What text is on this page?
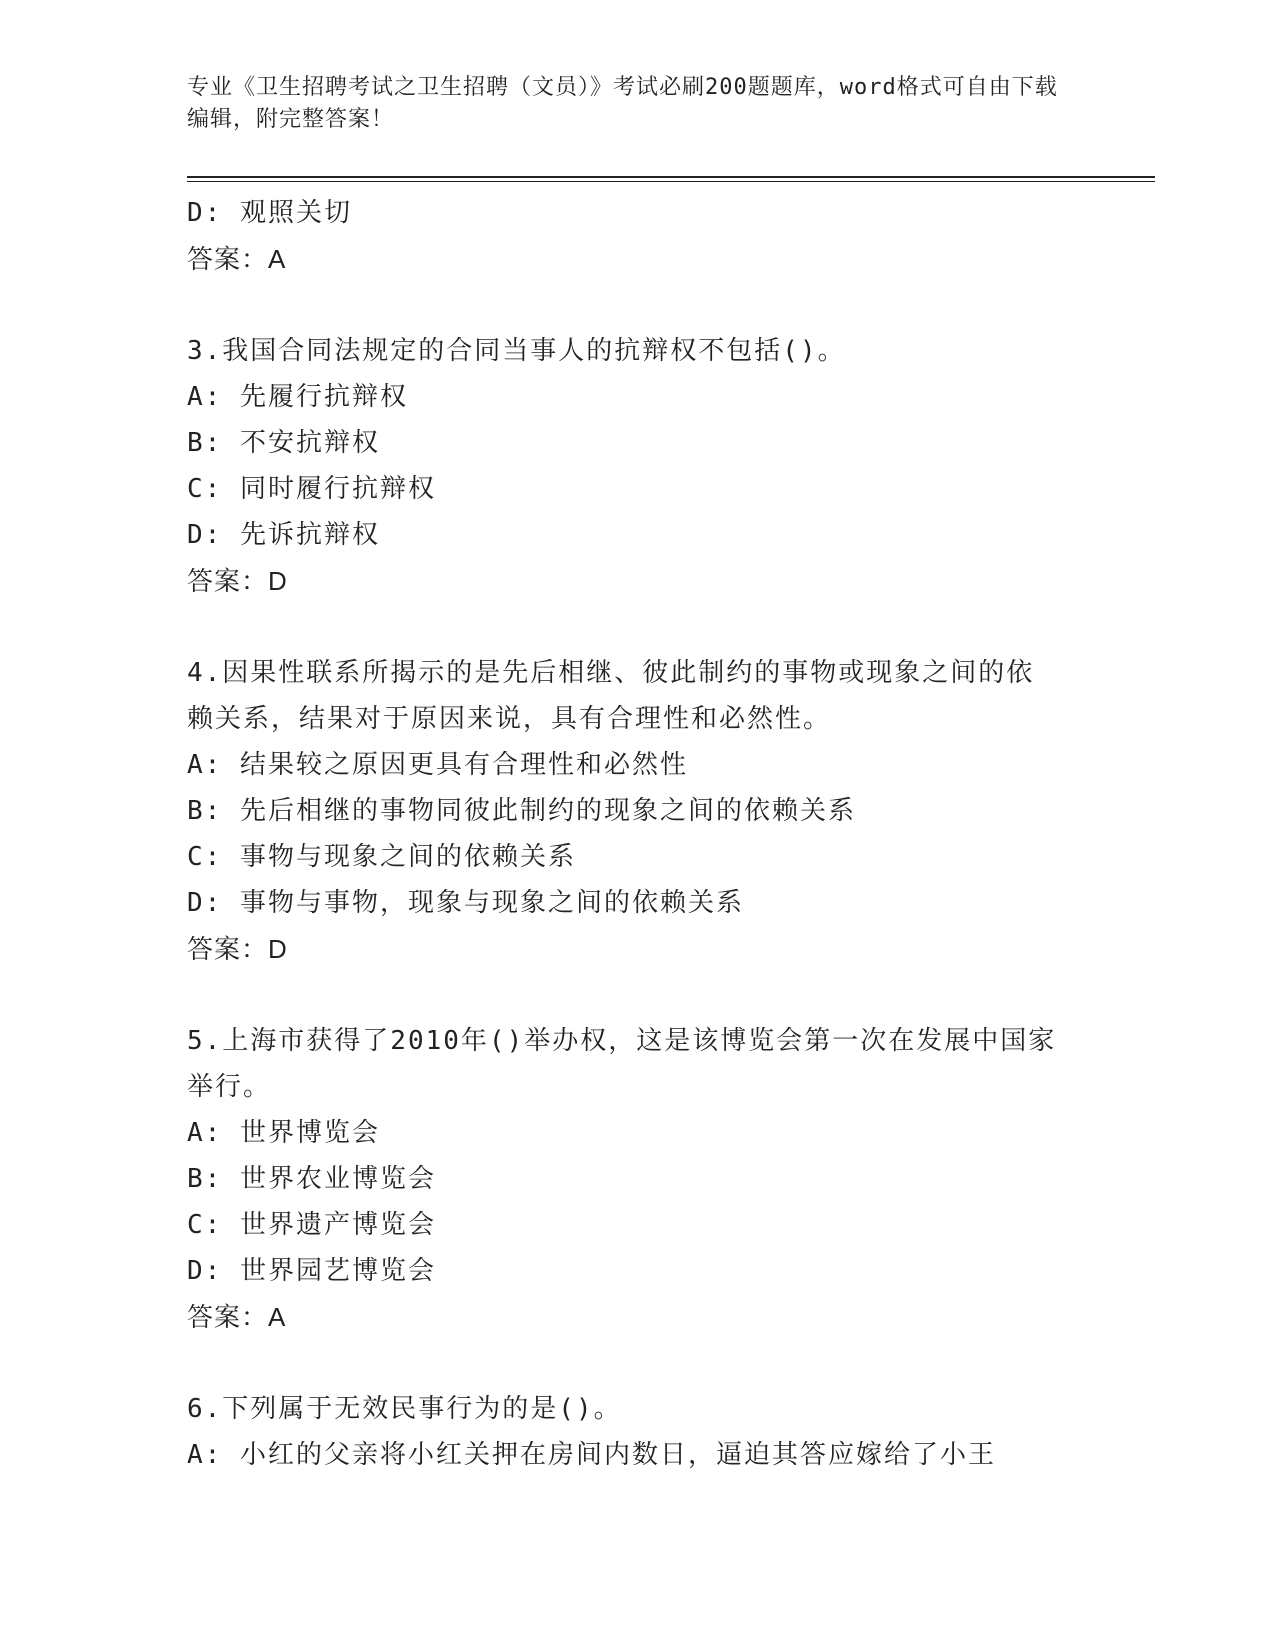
专业《卫生招聘考试之卫生招聘（文员）》考试必刷200题题库，word格式可自由下载编辑，附完整答案！

D: 观照关切

答案：A

3.我国合同法规定的合同当事人的抗辩权不包括()。

A: 先履行抗辩权

B: 不安抗辩权

C: 同时履行抗辩权

D: 先诉抗辩权

答案：D

4.因果性联系所揭示的是先后相继、彼此制约的事物或现象之间的依

赖关系，结果对于原因来说，具有合理性和必然性。

A: 结果较之原因更具有合理性和必然性

B: 先后相继的事物同彼此制约的现象之间的依赖关系

C: 事物与现象之间的依赖关系

D: 事物与事物，现象与现象之间的依赖关系

答案：D

5.上海市获得了2010年()举办权，这是该博览会第一次在发展中国家

举行。

A: 世界博览会

B: 世界农业博览会

C: 世界遗产博览会

D: 世界园艺博览会

答案：A

6.下列属于无效民事行为的是()。

A: 小红的父亲将小红关押在房间内数日，逼迫其答应嫁给了小王
